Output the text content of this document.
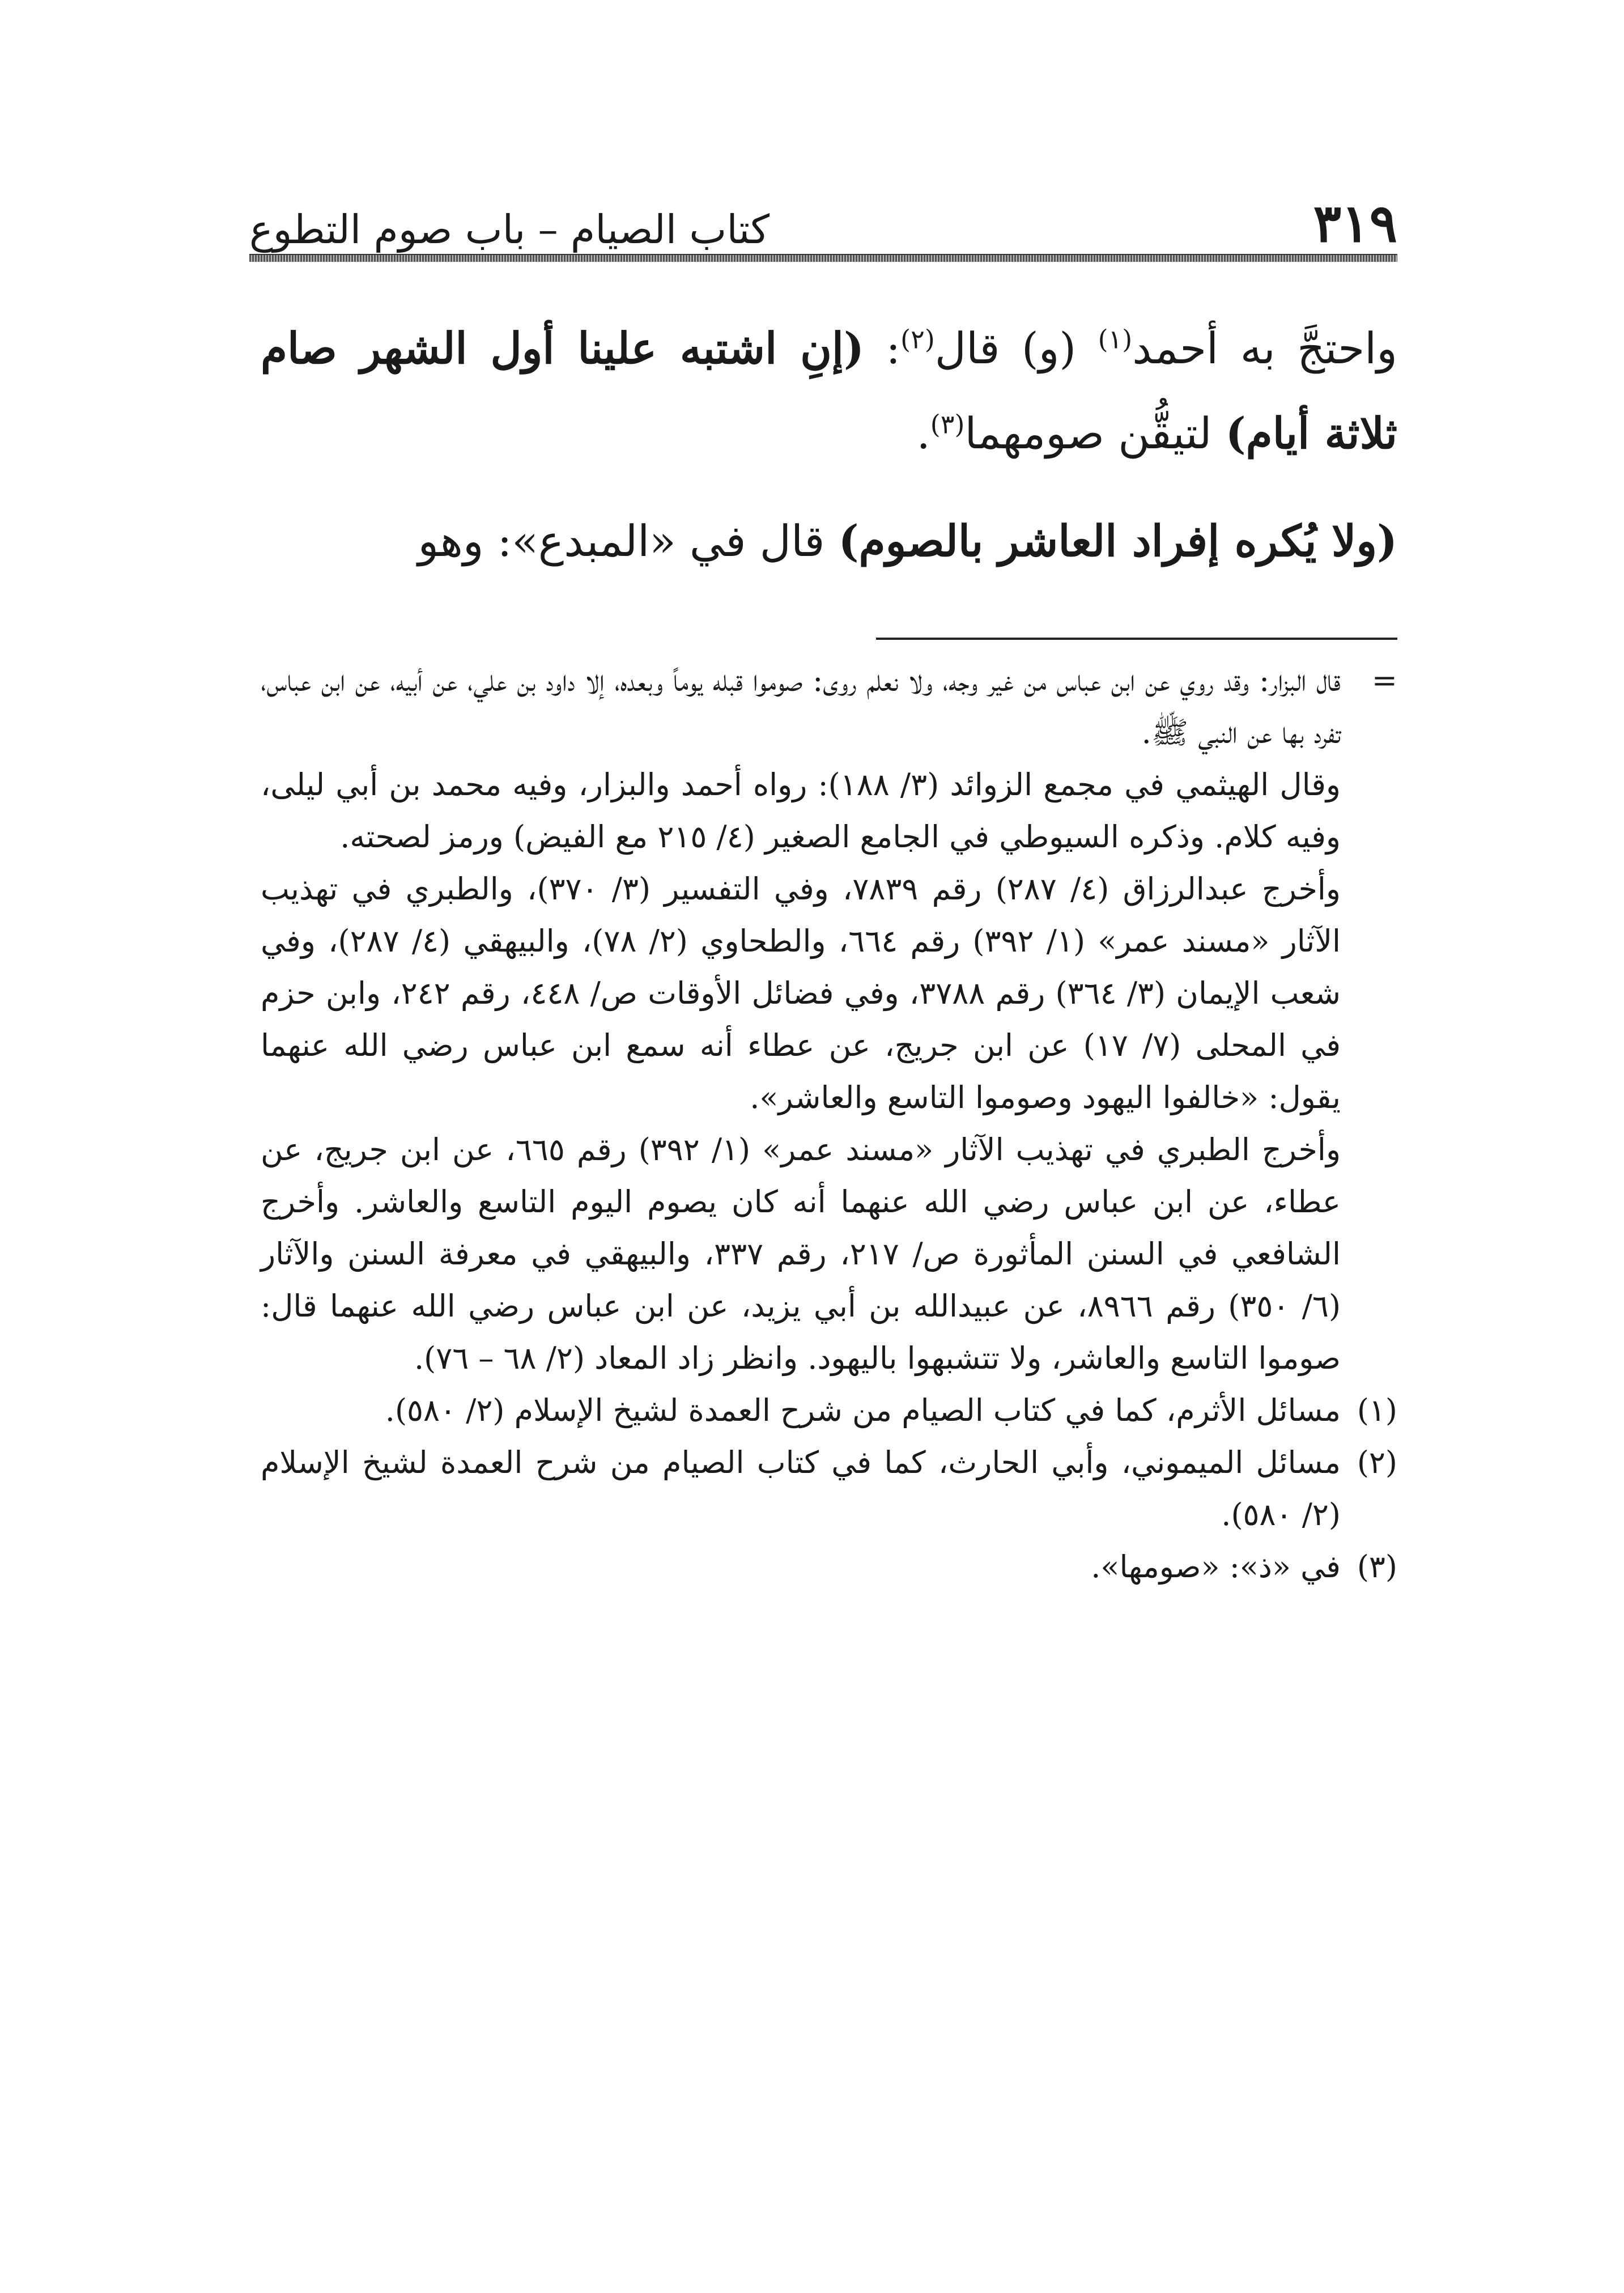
٣١٩
كتاب الصيام – باب صوم التطوع

واحتجَّ به أحمد$^{(١)}$ (و) قال$^{(٢)}$: (إنِ اشتبه علينا أول الشهر صام ثلاثة أيام) لتيقُّن صومهما$^{(٣)}$.

(ولا يُكره إفراد العاشر بالصوم) قال في «المبدع»: وهو

=
قال البزار: وقد روي عن ابن عباس من غير وجه، ولا نعلم روى: صوموا قبله يوماً وبعده، إلا داود بن علي، عن أبيه، عن ابن عباس، تفرد بها عن النبي ﷺ.

وقال الهيثمي في مجمع الزوائد (٣/ ١٨٨): رواه أحمد والبزار، وفيه محمد بن أبي ليلى، وفيه كلام. وذكره السيوطي في الجامع الصغير (٤/ ٢١٥ مع الفيض) ورمز لصحته.

وأخرج عبدالرزاق (٤/ ٢٨٧) رقم ٧٨٣٩، وفي التفسير (٣/ ٣٧٠)، والطبري في تهذيب الآثار «مسند عمر» (١/ ٣٩٢) رقم ٦٦٤، والطحاوي (٢/ ٧٨)، والبيهقي (٤/ ٢٨٧)، وفي شعب الإيمان (٣/ ٣٦٤) رقم ٣٧٨٨، وفي فضائل الأوقات ص/ ٤٤٨، رقم ٢٤٢، وابن حزم في المحلى (٧/ ١٧) عن ابن جريج، عن عطاء أنه سمع ابن عباس رضي الله عنهما يقول: «خالفوا اليهود وصوموا التاسع والعاشر».

وأخرج الطبري في تهذيب الآثار «مسند عمر» (١/ ٣٩٢) رقم ٦٦٥، عن ابن جريج، عن عطاء، عن ابن عباس رضي الله عنهما أنه كان يصوم اليوم التاسع والعاشر. وأخرج الشافعي في السنن المأثورة ص/ ٢١٧، رقم ٣٣٧، والبيهقي في معرفة السنن والآثار (٦/ ٣٥٠) رقم ٨٩٦٦، عن عبيدالله بن أبي يزيد، عن ابن عباس رضي الله عنهما قال: صوموا التاسع والعاشر، ولا تتشبهوا باليهود. وانظر زاد المعاد (٢/ ٦٨ – ٧٦).

(١)
مسائل الأثرم، كما في كتاب الصيام من شرح العمدة لشيخ الإسلام (٢/ ٥٨٠).

(٢)
مسائل الميموني، وأبي الحارث، كما في كتاب الصيام من شرح العمدة لشيخ الإسلام (٢/ ٥٨٠).

(٣)
في «ذ»: «صومها».
